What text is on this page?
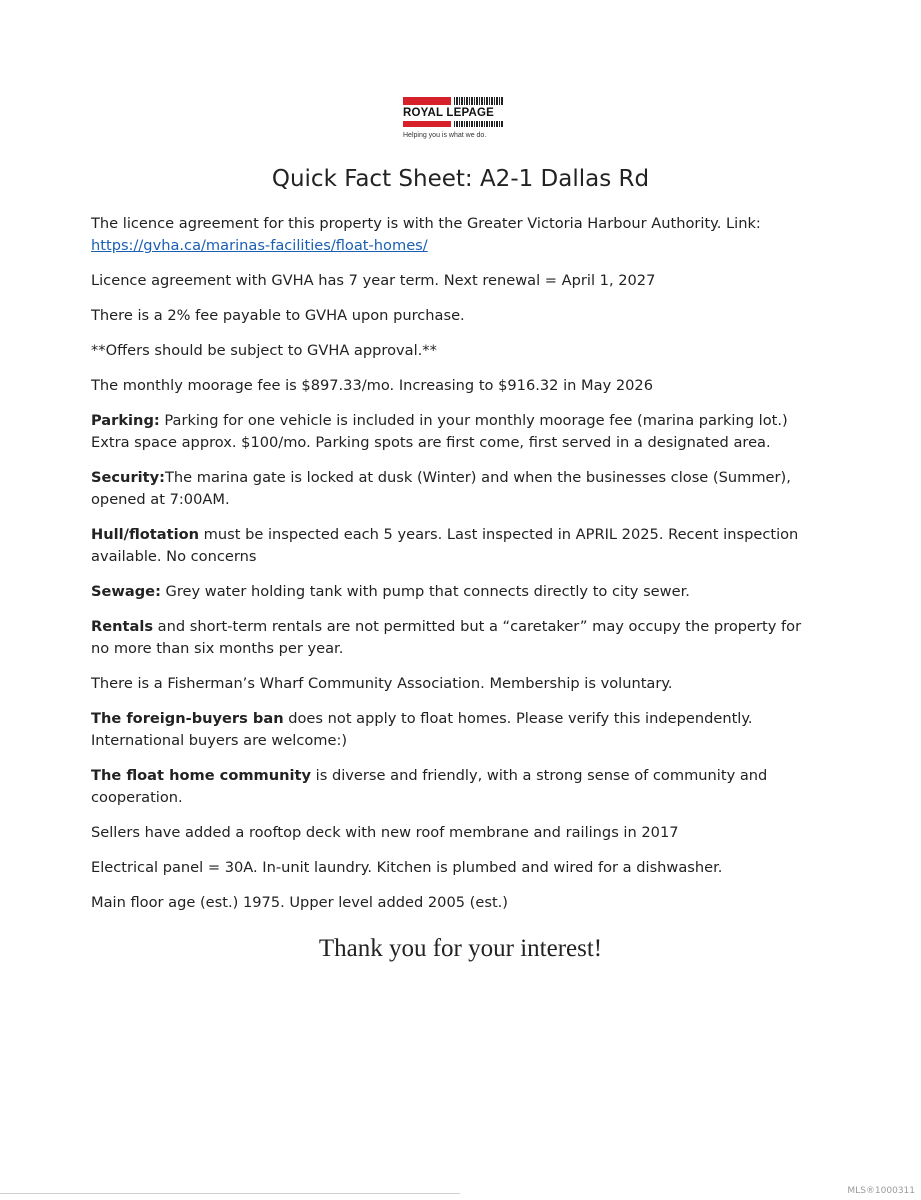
ROYAL LEPAGE
Helping you is what we do.
Quick Fact Sheet: A2-1 Dallas Rd

The licence agreement for this property is with the Greater Victoria Harbour Authority. Link:
https://gvha.ca/marinas-facilities/float-homes/

Licence agreement with GVHA has 7 year term. Next renewal = April 1, 2027

There is a 2% fee payable to GVHA upon purchase.

**Offers should be subject to GVHA approval.**

The monthly moorage fee is $897.33/mo. Increasing to $916.32 in May 2026

Parking: Parking for one vehicle is included in your monthly moorage fee (marina parking lot.) Extra space approx. $100/mo. Parking spots are first come, first served in a designated area.

Security:The marina gate is locked at dusk (Winter) and when the businesses close (Summer), opened at 7:00AM.

Hull/flotation must be inspected each 5 years. Last inspected in APRIL 2025. Recent inspection available. No concerns

Sewage: Grey water holding tank with pump that connects directly to city sewer.

Rentals and short-term rentals are not permitted but a “caretaker” may occupy the property for no more than six months per year.

There is a Fisherman’s Wharf Community Association. Membership is voluntary.

The foreign-buyers ban does not apply to float homes. Please verify this independently. International buyers are welcome:)

The float home community is diverse and friendly, with a strong sense of community and cooperation.

Sellers have added a rooftop deck with new roof membrane and railings in 2017

Electrical panel = 30A. In-unit laundry. Kitchen is plumbed and wired for a dishwasher.

Main floor age (est.) 1975. Upper level added 2005 (est.)

Thank you for your interest!
MLS®1000311
